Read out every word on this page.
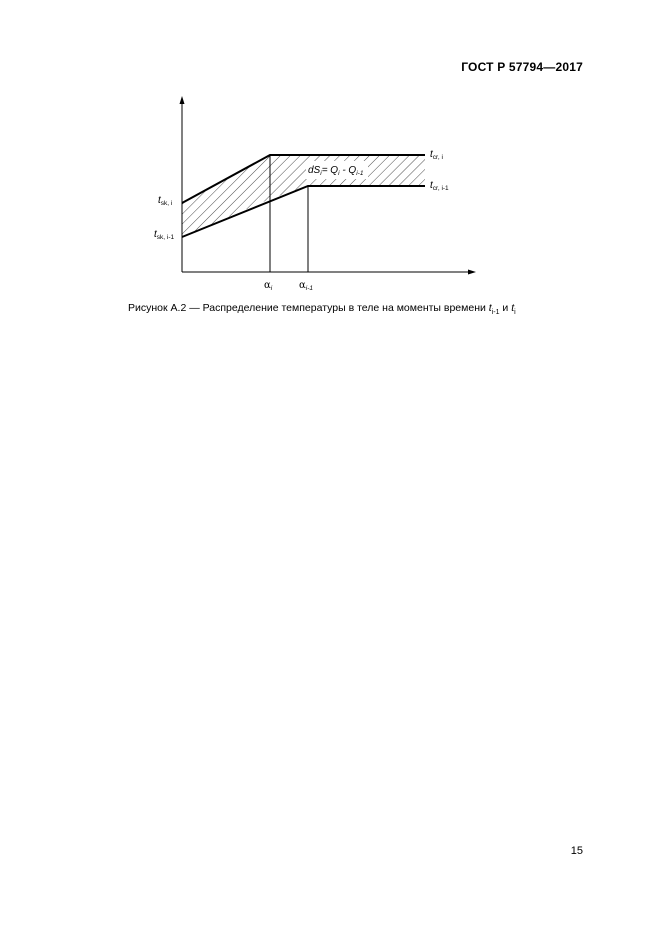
ГОСТ Р 57794—2017
$t_{cr, i}$
$t_{cr, i-1}$
$t_{sk, i}$
$t_{sk, i-1}$
$dS_i= Q_i - Q_{i-1}$
$\alpha_i$	$\alpha_{i-1}$
Рисунок А.2 — Распределение температуры в теле на моменты времени $t_{i-1}$ и $t_i$
15
